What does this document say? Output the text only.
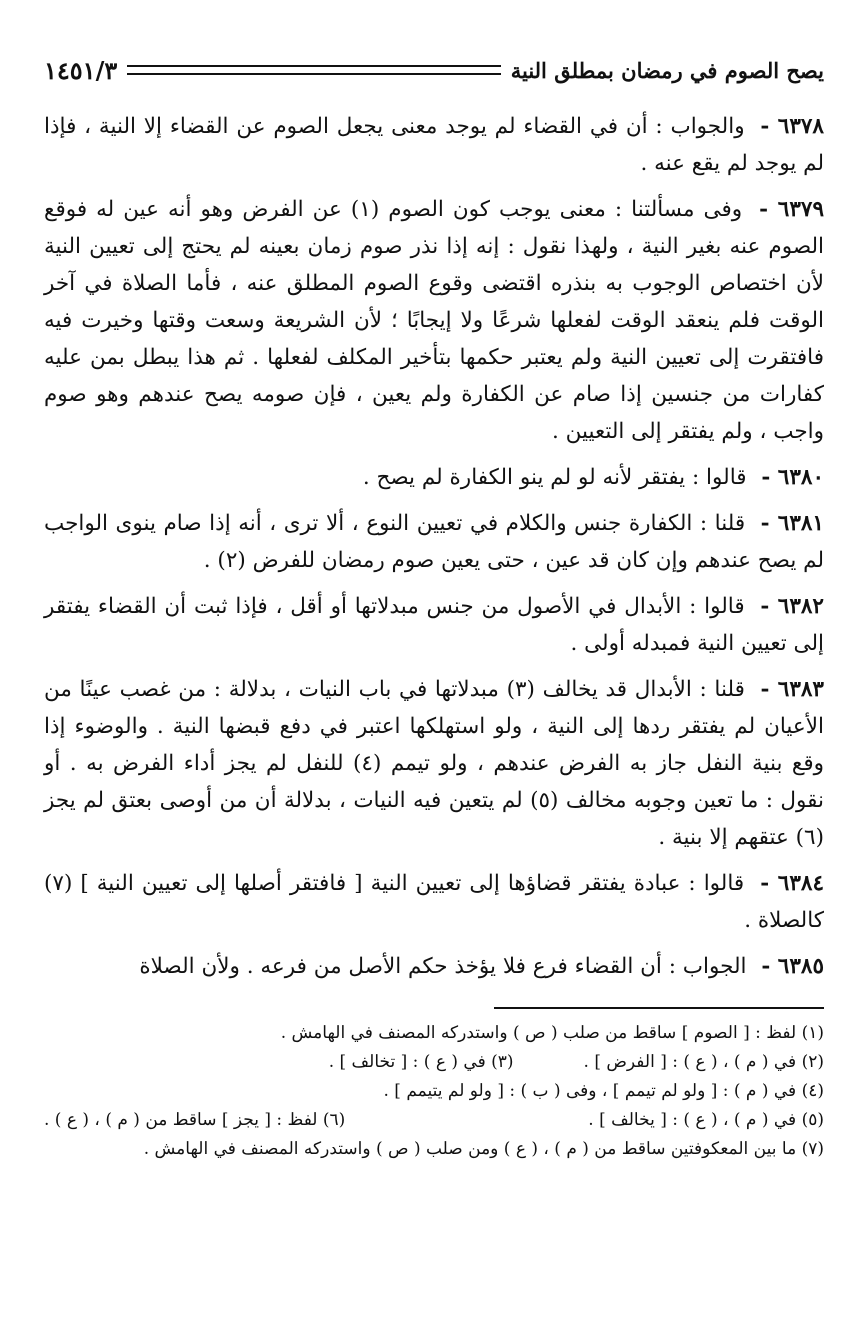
يصح الصوم في رمضان بمطلق النية
١٤٥١/٣

٦٣٧٨ - والجواب : أن في القضاء لم يوجد معنى يجعل الصوم عن القضاء إلا النية ، فإذا لم يوجد لم يقع عنه .

٦٣٧٩ - وفى مسألتنا : معنى يوجب كون الصوم (١) عن الفرض وهو أنه عين له فوقع الصوم عنه بغير النية ، ولهذا نقول : إنه إذا نذر صوم زمان بعينه لم يحتج إلى تعيين النية لأن اختصاص الوجوب به بنذره اقتضى وقوع الصوم المطلق عنه ، فأما الصلاة في آخر الوقت فلم ينعقد الوقت لفعلها شرعًا ولا إيجابًا ؛ لأن الشريعة وسعت وقتها وخيرت فيه فافتقرت إلى تعيين النية ولم يعتبر حكمها بتأخير المكلف لفعلها . ثم هذا يبطل بمن عليه كفارات من جنسين إذا صام عن الكفارة ولم يعين ، فإن صومه يصح عندهم وهو صوم واجب ، ولم يفتقر إلى التعيين .

٦٣٨٠ - قالوا : يفتقر لأنه لو لم ينو الكفارة لم يصح .

٦٣٨١ - قلنا : الكفارة جنس والكلام في تعيين النوع ، ألا ترى ، أنه إذا صام ينوى الواجب لم يصح عندهم وإن كان قد عين ، حتى يعين صوم رمضان للفرض (٢) .

٦٣٨٢ - قالوا : الأبدال في الأصول من جنس مبدلاتها أو أقل ، فإذا ثبت أن القضاء يفتقر إلى تعيين النية فمبدله أولى .

٦٣٨٣ - قلنا : الأبدال قد يخالف (٣) مبدلاتها في باب النيات ، بدلالة : من غصب عينًا من الأعيان لم يفتقر ردها إلى النية ، ولو استهلكها اعتبر في دفع قبضها النية . والوضوء إذا وقع بنية النفل جاز به الفرض عندهم ، ولو تيمم (٤) للنفل لم يجز أداء الفرض به . أو نقول : ما تعين وجوبه مخالف (٥) لم يتعين فيه النيات ، بدلالة أن من أوصى بعتق لم يجز (٦) عتقهم إلا بنية .

٦٣٨٤ - قالوا : عبادة يفتقر قضاؤها إلى تعيين النية [ فافتقر أصلها إلى تعيين النية ] (٧) كالصلاة .

٦٣٨٥ - الجواب : أن القضاء فرع فلا يؤخذ حكم الأصل من فرعه . ولأن الصلاة

(١) لفظ : [ الصوم ] ساقط من صلب ( ص ) واستدركه المصنف في الهامش .
(٢) في ( م ) ، ( ع ) : [ الفرض ] .
(٣) في ( ع ) : [ تخالف ] .
(٤) في ( م ) : [ ولو لم تيمم ] ، وفى ( ب ) : [ ولو لم يتيمم ] .
(٥) في ( م ) ، ( ع ) : [ يخالف ] .
(٦) لفظ : [ يجز ] ساقط من ( م ) ، ( ع ) .
(٧) ما بين المعكوفتين ساقط من ( م ) ، ( ع ) ومن صلب ( ص ) واستدركه المصنف في الهامش .
